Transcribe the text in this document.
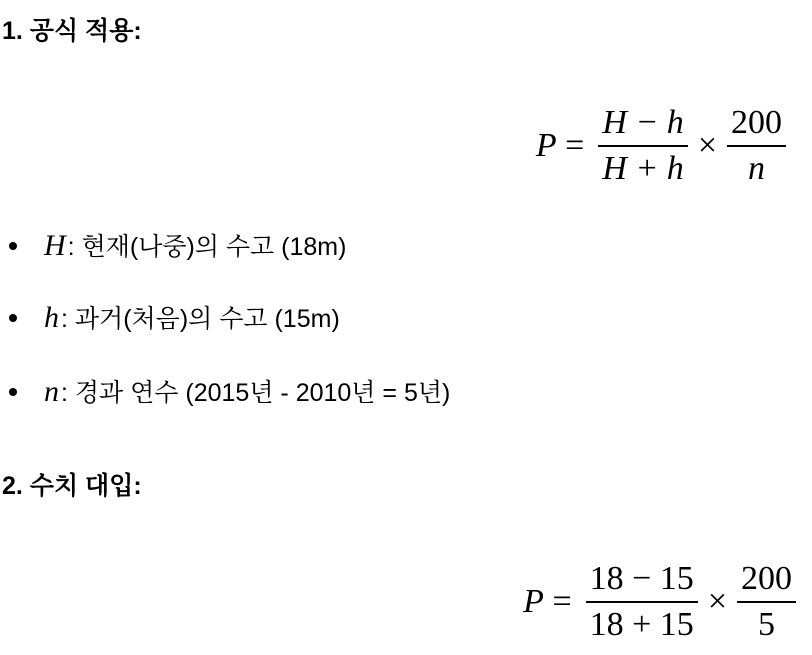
1. 공식 적용:
$P = \frac{H - h}{H + h} \times \frac{200}{n}$
H : 현재(나중)의 수고 (18m)
h : 과거(처음)의 수고 (15m)
n : 경과 연수 (2015년 - 2010년 = 5년)
2. 수치 대입:
$P = \frac{18 - 15}{18 + 15} \times \frac{200}{5}$
